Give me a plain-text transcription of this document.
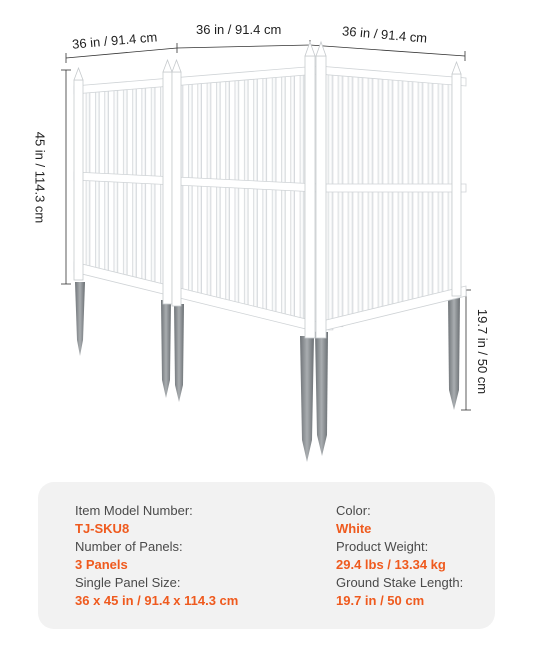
36 in / 91.4 cm	36 in / 91.4 cm	36 in / 91.4 cm
45 in / 114.3 cm
19.7 in / 50 cm
Item Model Number:
TJ-SKU8
Number of Panels:
3 Panels
Single Panel Size:
36 x 45 in / 91.4 x 114.3 cm
Color:
White
Product Weight:
29.4 lbs / 13.34 kg
Ground Stake Length:
19.7 in / 50 cm
